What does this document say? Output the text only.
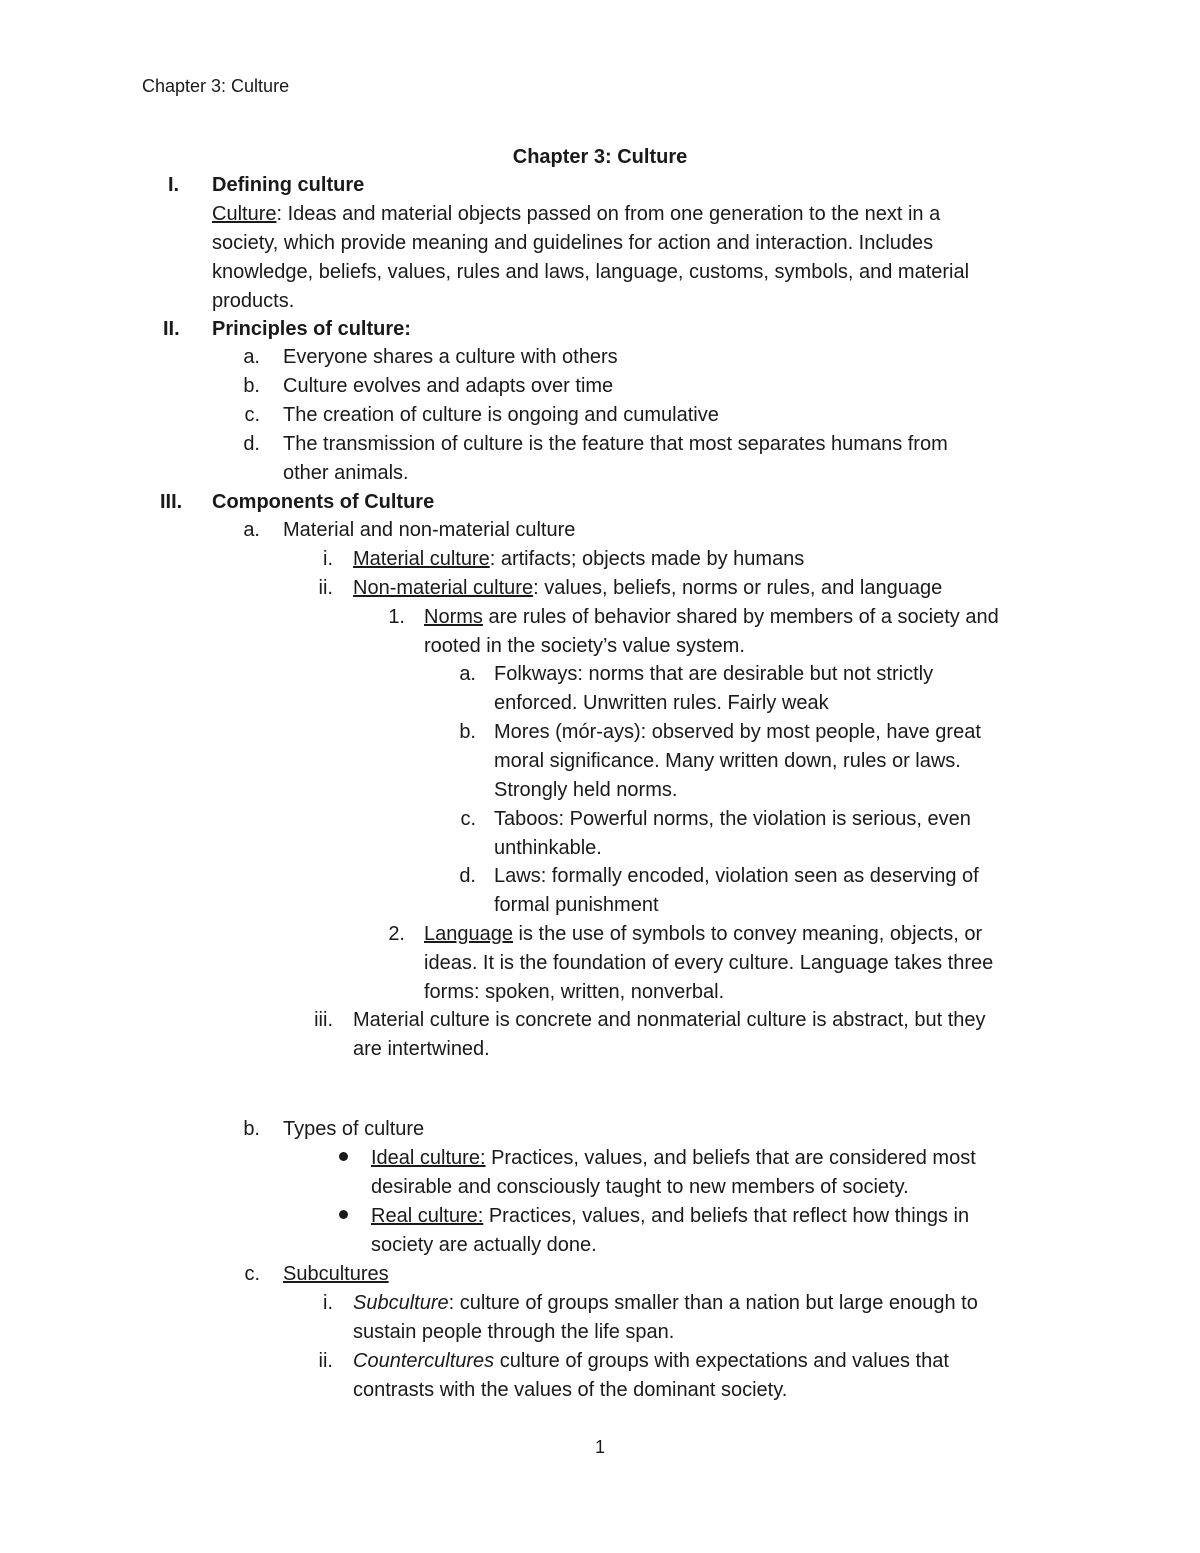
Chapter 3: Culture
Chapter 3: Culture
I.	Defining culture
Culture: Ideas and material objects passed on from one generation to the next in a
society, which provide meaning and guidelines for action and interaction. Includes
knowledge, beliefs, values, rules and laws, language, customs, symbols, and material
products.
II.	Principles of culture:
a. Everyone shares a culture with others
b. Culture evolves and adapts over time
c. The creation of culture is ongoing and cumulative
d. The transmission of culture is the feature that most separates humans from
other animals.
III.	Components of Culture
a. Material and non-material culture
i. Material culture: artifacts; objects made by humans
ii. Non-material culture: values, beliefs, norms or rules, and language
1. Norms are rules of behavior shared by members of a society and
rooted in the society’s value system.
a. Folkways: norms that are desirable but not strictly
enforced. Unwritten rules. Fairly weak
b. Mores (mór-ays): observed by most people, have great
moral significance. Many written down, rules or laws.
Strongly held norms.
c. Taboos: Powerful norms, the violation is serious, even
unthinkable.
d. Laws: formally encoded, violation seen as deserving of
formal punishment
2. Language is the use of symbols to convey meaning, objects, or
ideas. It is the foundation of every culture. Language takes three
forms: spoken, written, nonverbal.
iii. Material culture is concrete and nonmaterial culture is abstract, but they
are intertwined.
b. Types of culture
Ideal culture: Practices, values, and beliefs that are considered most
desirable and consciously taught to new members of society.
Real culture: Practices, values, and beliefs that reflect how things in
society are actually done.
c. Subcultures
i. Subculture: culture of groups smaller than a nation but large enough to
sustain people through the life span.
ii. Countercultures culture of groups with expectations and values that
contrasts with the values of the dominant society.
1
